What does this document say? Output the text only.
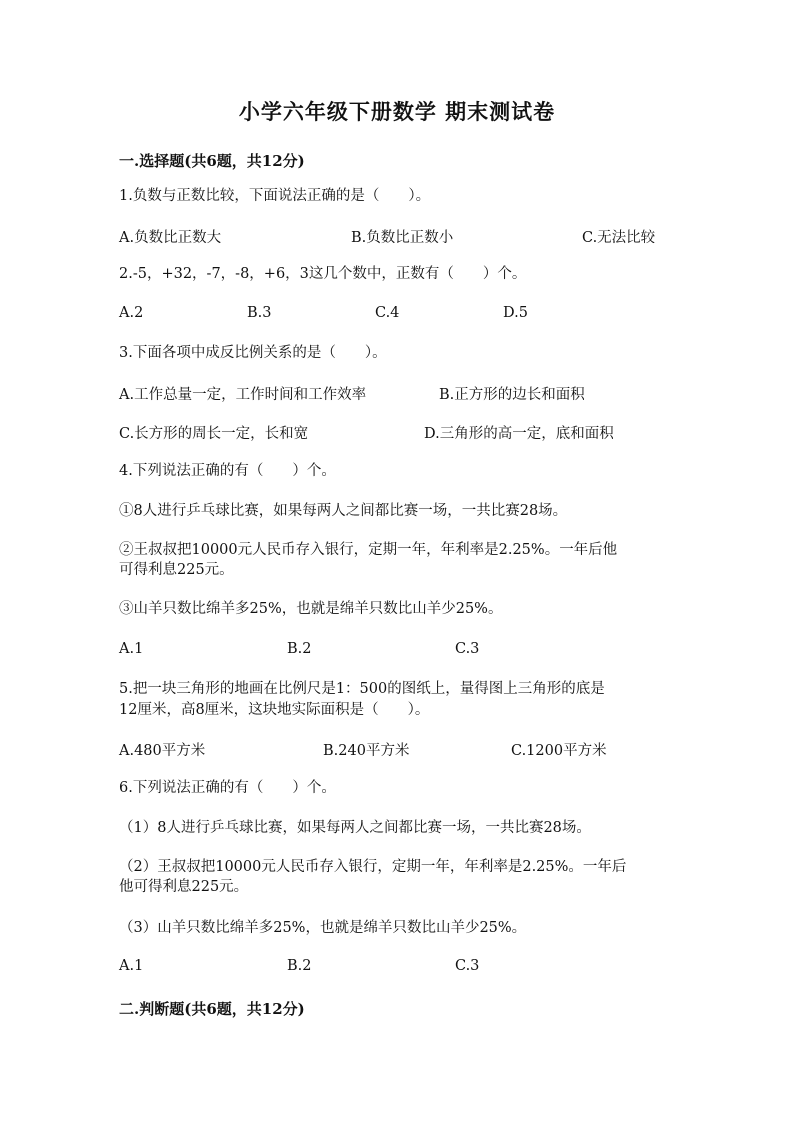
小学六年级下册数学 期末测试卷
一.选择题(共6题，共12分)
1.负数与正数比较，下面说法正确的是（　　）。
A.负数比正数大	B.负数比正数小	C.无法比较
2.-5，+32，-7，-8，+6，3这几个数中，正数有（　　）个。
A.2	B.3	C.4	D.5
3.下面各项中成反比例关系的是（　　）。
A.工作总量一定，工作时间和工作效率	B.正方形的边长和面积
C.长方形的周长一定，长和宽	D.三角形的高一定，底和面积
4.下列说法正确的有（　　）个。
①8人进行乒乓球比赛，如果每两人之间都比赛一场，一共比赛28场。
②王叔叔把10000元人民币存入银行，定期一年，年利率是2.25%。一年后他
可得利息225元。
③山羊只数比绵羊多25%，也就是绵羊只数比山羊少25%。
A.1	B.2	C.3
5.把一块三角形的地画在比例尺是1：500的图纸上，量得图上三角形的底是
12厘米，高8厘米，这块地实际面积是（　　）。
A.480平方米	B.240平方米	C.1200平方米
6.下列说法正确的有（　　）个。
（1）8人进行乒乓球比赛，如果每两人之间都比赛一场，一共比赛28场。
（2）王叔叔把10000元人民币存入银行，定期一年，年利率是2.25%。一年后
他可得利息225元。
（3）山羊只数比绵羊多25%，也就是绵羊只数比山羊少25%。
A.1	B.2	C.3
二.判断题(共6题，共12分)
